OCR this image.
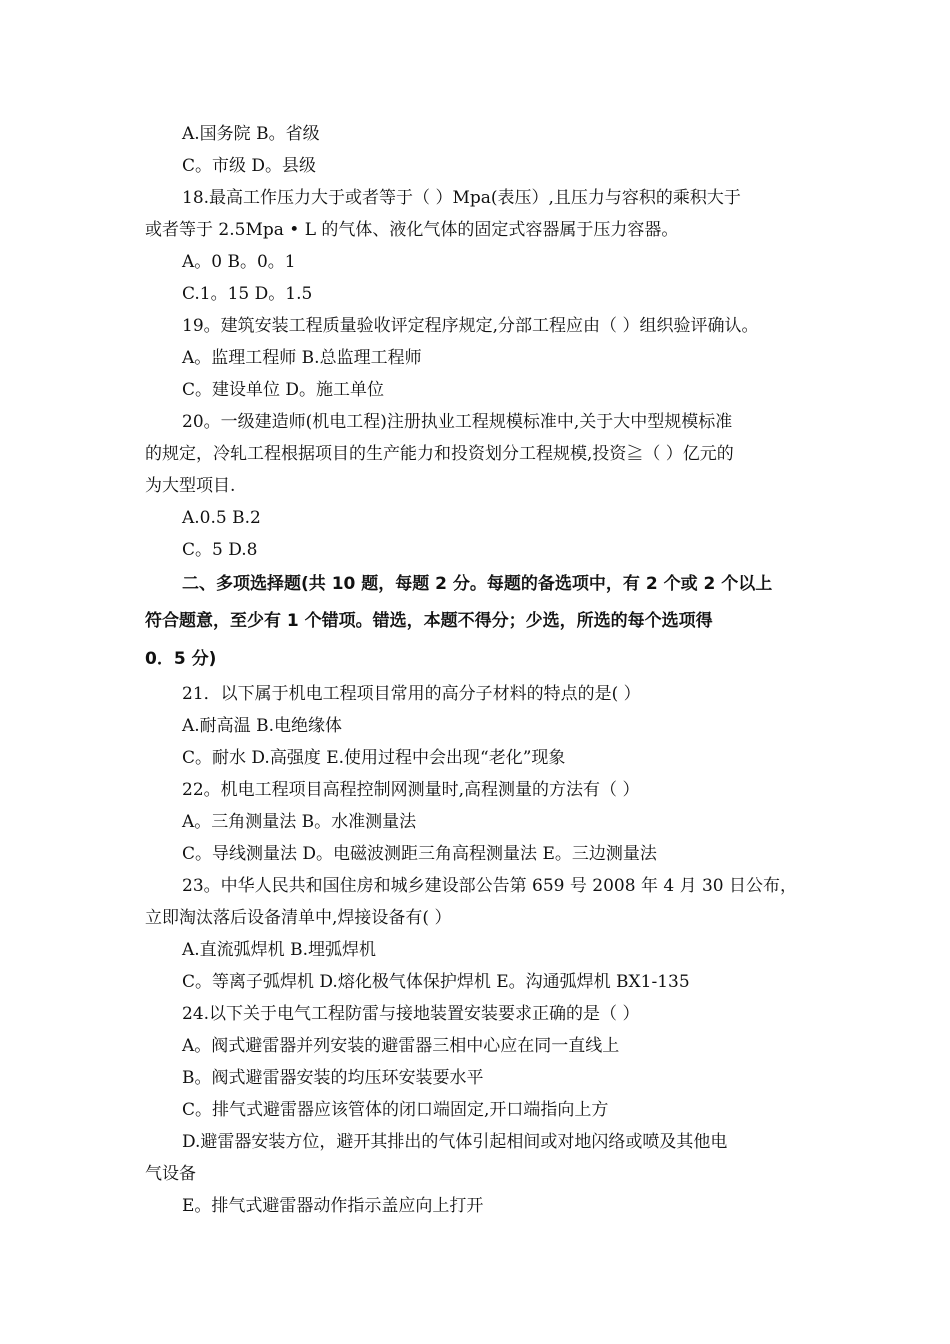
A.国务院 B。省级
C。市级 D。县级
18.最高工作压力大于或者等于（ ）Mpa(表压）,且压力与容积的乘积大于
或者等于 2.5Mpa • L 的气体、液化气体的固定式容器属于压力容器。
A。0 B。0。1
C.1。15 D。1.5
19。建筑安装工程质量验收评定程序规定,分部工程应由（ ）组织验评确认。
A。监理工程师 B.总监理工程师
C。建设单位 D。施工单位
20。一级建造师(机电工程)注册执业工程规模标准中,关于大中型规模标准
的规定，冷轧工程根据项目的生产能力和投资划分工程规模,投资≧（ ）亿元的
为大型项目.
A.0.5 B.2
C。5 D.8
二、多项选择题(共 10 题，每题 2 分。每题的备选项中，有 2 个或 2 个以上
符合题意，至少有 1 个错项。错选，本题不得分；少选，所选的每个选项得
0．5 分)
21．以下属于机电工程项目常用的高分子材料的特点的是( ）
A.耐高温 B.电绝缘体
C。耐水 D.高强度 E.使用过程中会出现“老化”现象
22。机电工程项目高程控制网测量时,高程测量的方法有（ ）
A。三角测量法 B。水准测量法
C。导线测量法 D。电磁波测距三角高程测量法 E。三边测量法
23。中华人民共和国住房和城乡建设部公告第 659 号 2008 年 4 月 30 日公布，
立即淘汰落后设备清单中,焊接设备有( ）
A.直流弧焊机 B.埋弧焊机
C。等离子弧焊机 D.熔化极气体保护焊机 E。沟通弧焊机 BX1-135
24.以下关于电气工程防雷与接地装置安装要求正确的是（ ）
A。阀式避雷器并列安装的避雷器三相中心应在同一直线上
B。阀式避雷器安装的均压环安装要水平
C。排气式避雷器应该管体的闭口端固定,开口端指向上方
D.避雷器安装方位，避开其排出的气体引起相间或对地闪络或喷及其他电
气设备
E。排气式避雷器动作指示盖应向上打开
